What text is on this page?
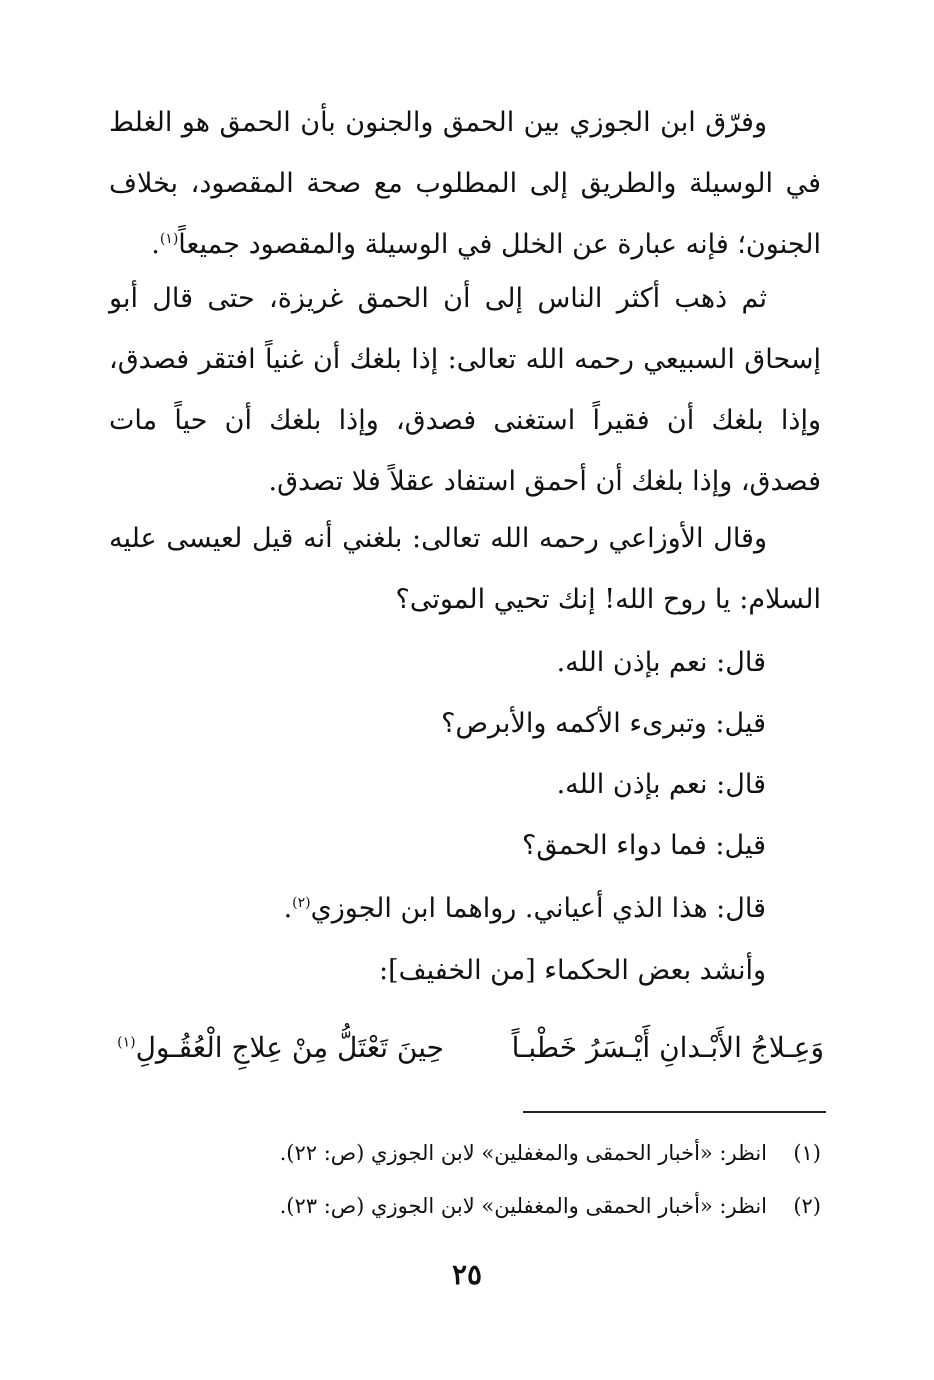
وفرّق ابن الجوزي بين الحمق والجنون بأن الحمق هو الغلط في الوسيلة والطريق إلى المطلوب مع صحة المقصود، بخلاف الجنون؛ فإنه عبارة عن الخلل في الوسيلة والمقصود جميعاً$^{(١)}$.
ثم ذهب أكثر الناس إلى أن الحمق غريزة، حتى قال أبو إسحاق السبيعي رحمه الله تعالى: إذا بلغك أن غنياً افتقر فصدق، وإذا بلغك أن فقيراً استغنى فصدق، وإذا بلغك أن حياً مات فصدق، وإذا بلغك أن أحمق استفاد عقلاً فلا تصدق.
وقال الأوزاعي رحمه الله تعالى: بلغني أنه قيل لعيسى عليه السلام: يا روح الله! إنك تحيي الموتى؟
قال: نعم بإذن الله.
قيل: وتبرىء الأكمه والأبرص؟
قال: نعم بإذن الله.
قيل: فما دواء الحمق؟
قال: هذا الذي أعياني. رواهما ابن الجوزي$^{(٢)}$.
وأنشد بعض الحكماء [من الخفيف]:
وَعِـلاجُ الأَبْـدانِ أَيْـسَرُ خَطْبـاً
حِينَ تَعْتَلُّ مِنْ عِلاجِ الْعُقُـولِ$^{(١)}$
(١)انظر: «أخبار الحمقى والمغفلين» لابن الجوزي (ص: ٢٢).
(٢)انظر: «أخبار الحمقى والمغفلين» لابن الجوزي (ص: ٢٣).
٢٥
